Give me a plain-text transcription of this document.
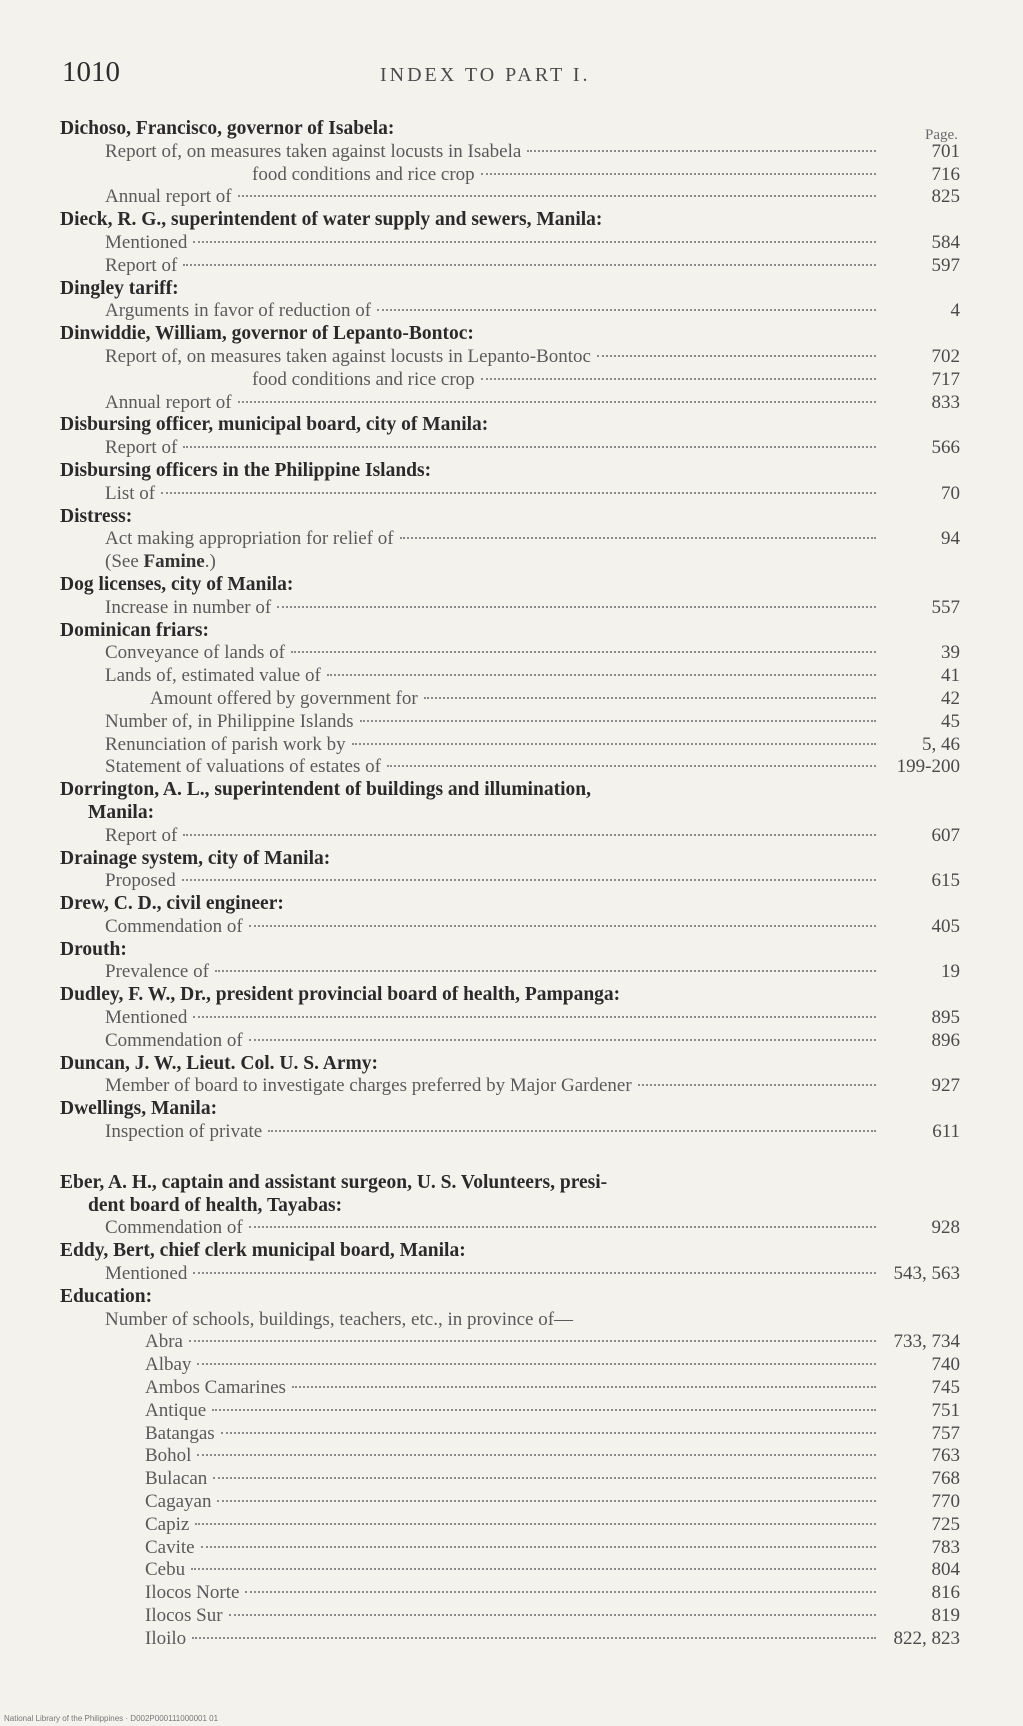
1010	INDEX TO PART I.
Page.
Dichoso, Francisco, governor of Isabela:
Report of, on measures taken against locusts in Isabela	701
food conditions and rice crop	716
Annual report of	825
Dieck, R. G., superintendent of water supply and sewers, Manila:
Mentioned	584
Report of	597
Dingley tariff:
Arguments in favor of reduction of	4
Dinwiddie, William, governor of Lepanto-Bontoc:
Report of, on measures taken against locusts in Lepanto-Bontoc	702
food conditions and rice crop	717
Annual report of	833
Disbursing officer, municipal board, city of Manila:
Report of	566
Disbursing officers in the Philippine Islands:
List of	70
Distress:
Act making appropriation for relief of	94
(See Famine.)
Dog licenses, city of Manila:
Increase in number of	557
Dominican friars:
Conveyance of lands of	39
Lands of, estimated value of	41
Amount offered by government for	42
Number of, in Philippine Islands	45
Renunciation of parish work by	5, 46
Statement of valuations of estates of	199-200
Dorrington, A. L., superintendent of buildings and illumination,
Manila:
Report of	607
Drainage system, city of Manila:
Proposed	615
Drew, C. D., civil engineer:
Commendation of	405
Drouth:
Prevalence of	19
Dudley, F. W., Dr., president provincial board of health, Pampanga:
Mentioned	895
Commendation of	896
Duncan, J. W., Lieut. Col. U. S. Army:
Member of board to investigate charges preferred by Major Gardener	927
Dwellings, Manila:
Inspection of private	611
Eber, A. H., captain and assistant surgeon, U. S. Volunteers, presi-
dent board of health, Tayabas:
Commendation of	928
Eddy, Bert, chief clerk municipal board, Manila:
Mentioned	543, 563
Education:
Number of schools, buildings, teachers, etc., in province of—
Abra	733, 734
Albay	740
Ambos Camarines	745
Antique	751
Batangas	757
Bohol	763
Bulacan	768
Cagayan	770
Capiz	725
Cavite	783
Cebu	804
Ilocos Norte	816
Ilocos Sur	819
Iloilo	822, 823
National Library of the Philippines · D002P000111000001 01
